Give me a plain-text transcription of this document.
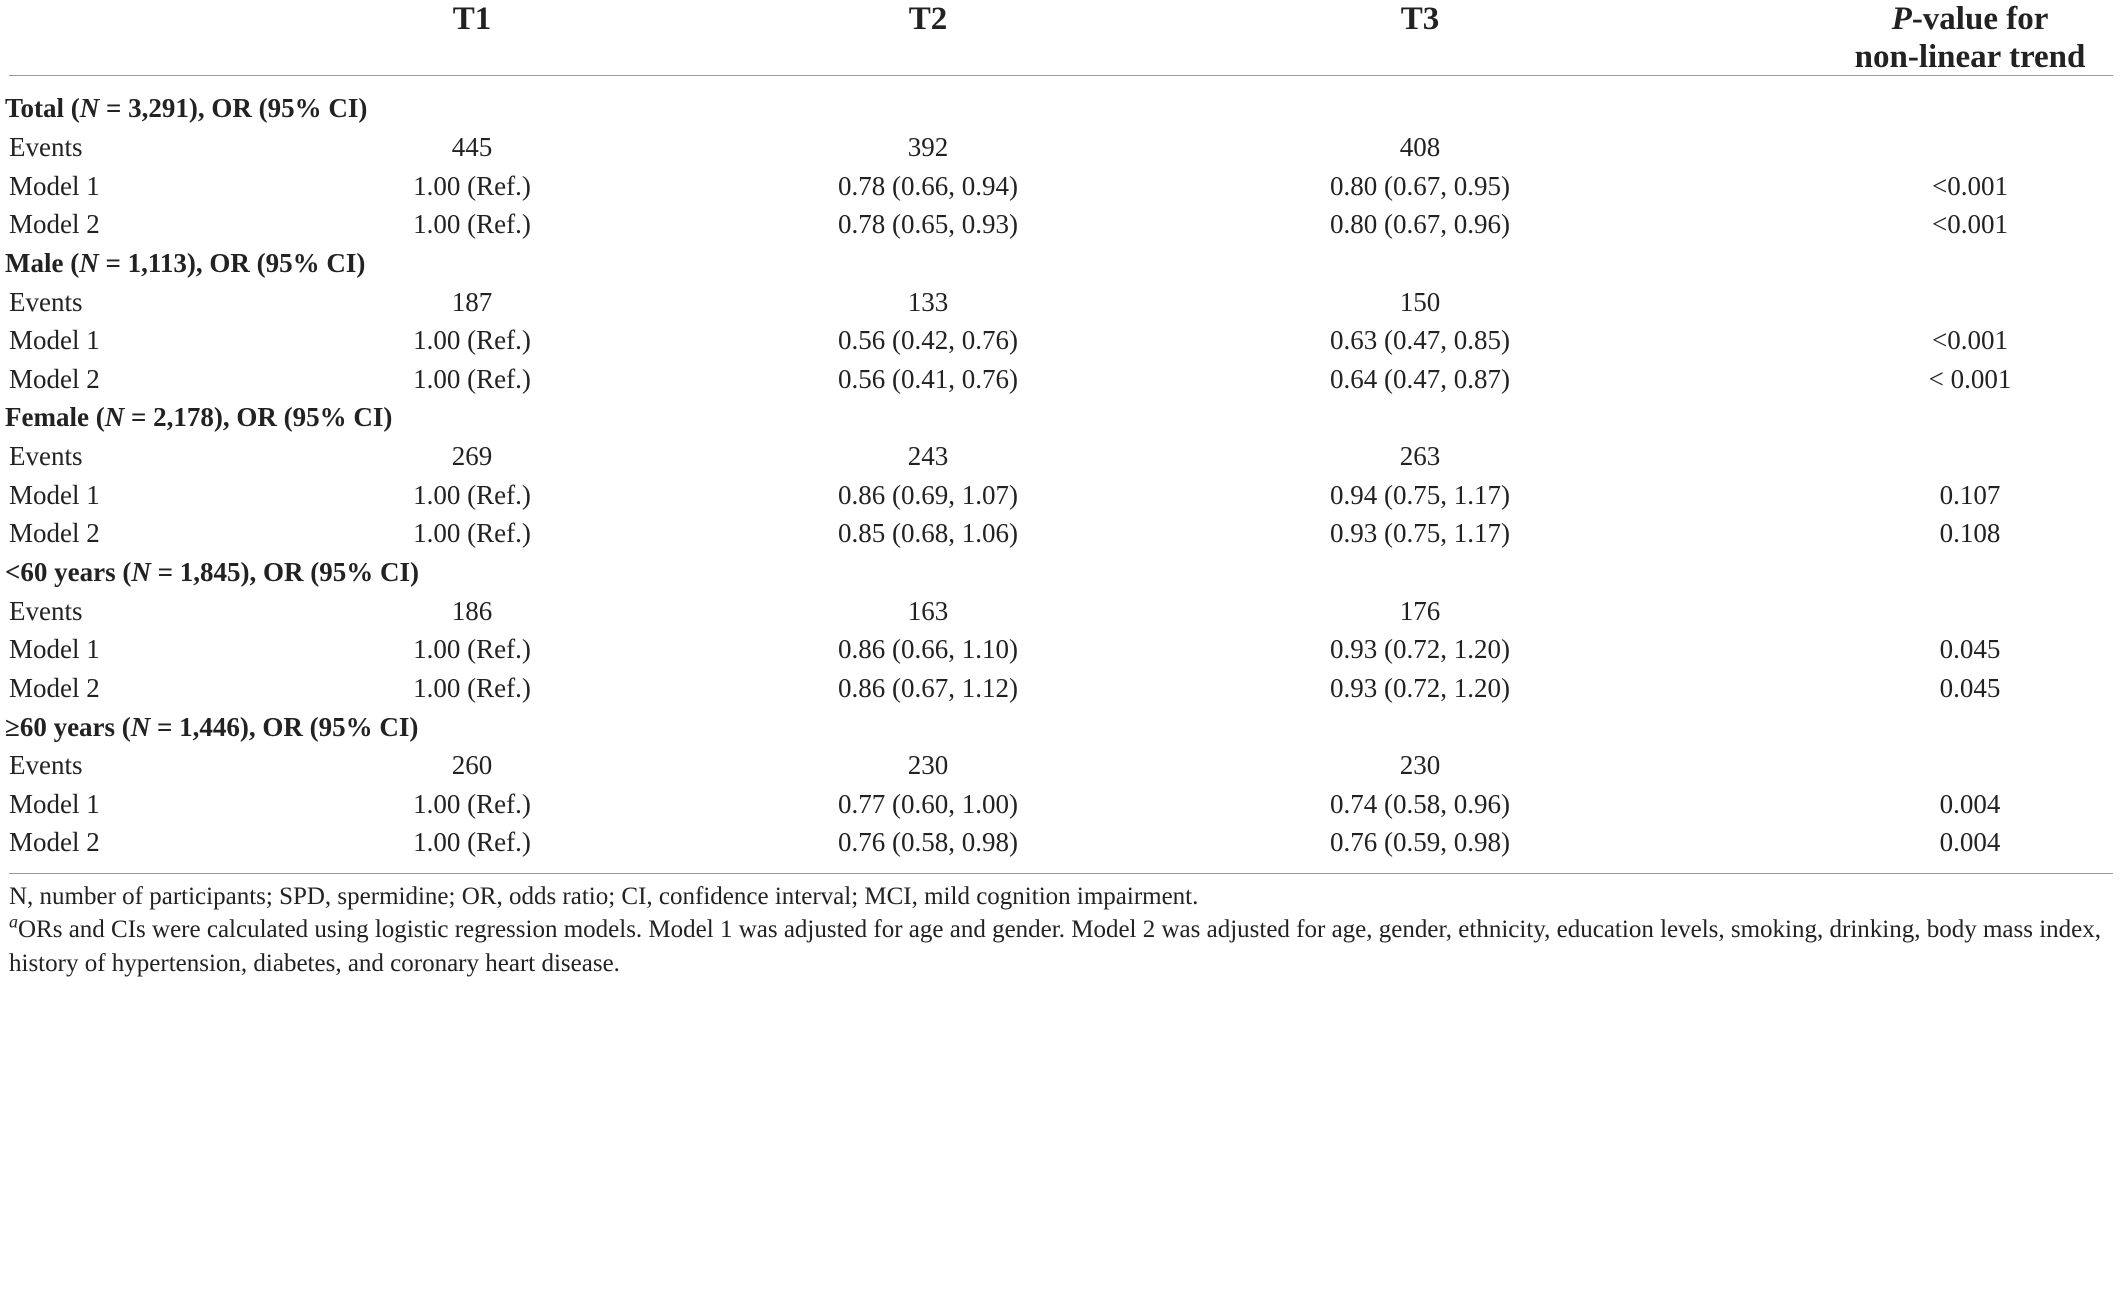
T1	T2	T3	P-value for
non-linear trend
Total (N = 3,291), OR (95% CI)
Events	445	392	408
Model 1	1.00 (Ref.)	0.78 (0.66, 0.94)	0.80 (0.67, 0.95)	<0.001
Model 2	1.00 (Ref.)	0.78 (0.65, 0.93)	0.80 (0.67, 0.96)	<0.001
Male (N = 1,113), OR (95% CI)
Events	187	133	150
Model 1	1.00 (Ref.)	0.56 (0.42, 0.76)	0.63 (0.47, 0.85)	<0.001
Model 2	1.00 (Ref.)	0.56 (0.41, 0.76)	0.64 (0.47, 0.87)	< 0.001
Female (N = 2,178), OR (95% CI)
Events	269	243	263
Model 1	1.00 (Ref.)	0.86 (0.69, 1.07)	0.94 (0.75, 1.17)	0.107
Model 2	1.00 (Ref.)	0.85 (0.68, 1.06)	0.93 (0.75, 1.17)	0.108
<60 years (N = 1,845), OR (95% CI)
Events	186	163	176
Model 1	1.00 (Ref.)	0.86 (0.66, 1.10)	0.93 (0.72, 1.20)	0.045
Model 2	1.00 (Ref.)	0.86 (0.67, 1.12)	0.93 (0.72, 1.20)	0.045
≥60 years (N = 1,446), OR (95% CI)
Events	260	230	230
Model 1	1.00 (Ref.)	0.77 (0.60, 1.00)	0.74 (0.58, 0.96)	0.004
Model 2	1.00 (Ref.)	0.76 (0.58, 0.98)	0.76 (0.59, 0.98)	0.004
N, number of participants; SPD, spermidine; OR, odds ratio; CI, confidence interval; MCI, mild cognition impairment.
$^a$ORs and CIs were calculated using logistic regression models. Model 1 was adjusted for age and gender. Model 2 was adjusted for age, gender, ethnicity, education levels, smoking, drinking, body mass index, history of hypertension, diabetes, and coronary heart disease.
